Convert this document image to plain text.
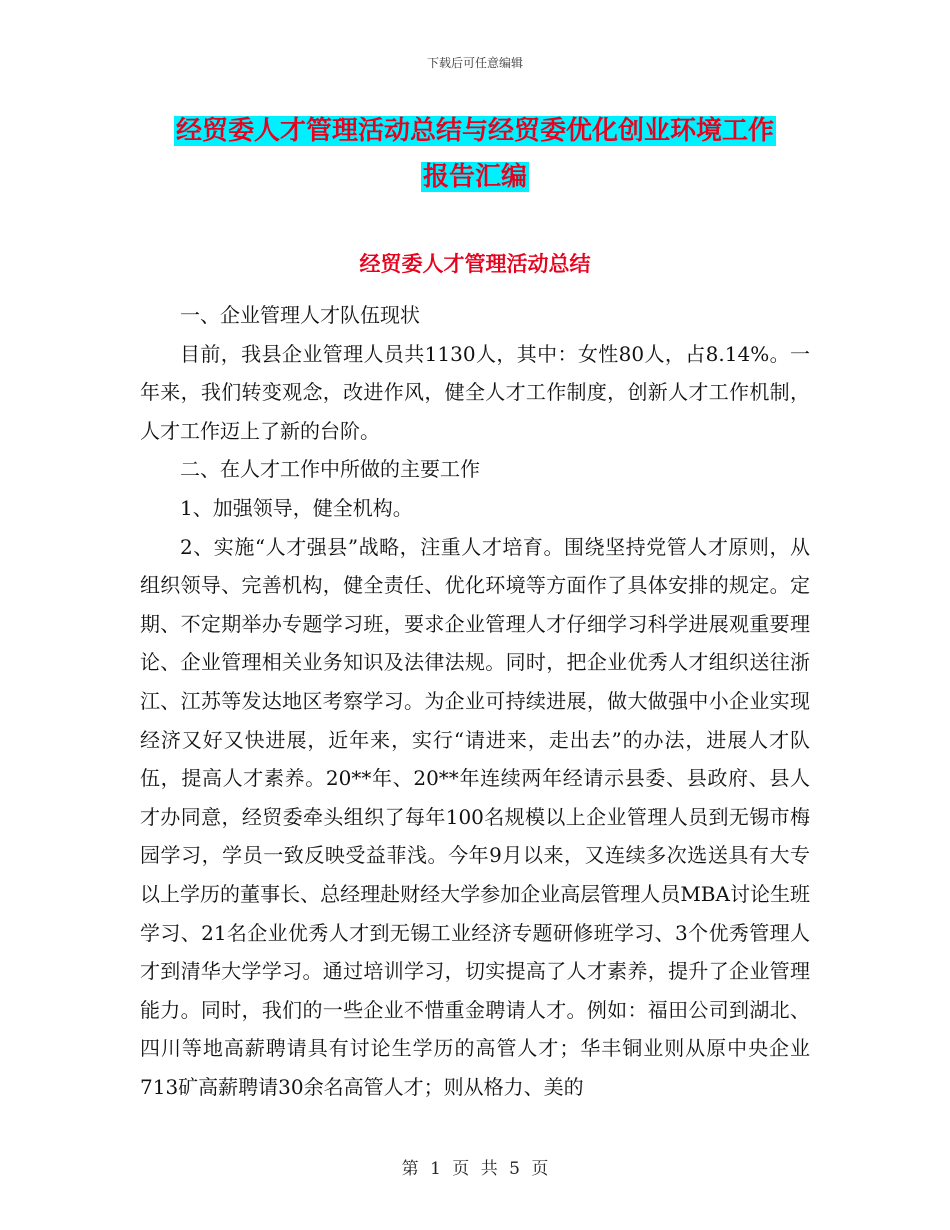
下载后可任意编辑
经贸委人才管理活动总结与经贸委优化创业环境工作
报告汇编
经贸委人才管理活动总结

一、企业管理人才队伍现状

目前，我县企业管理人员共1130人，其中：女性80人，占8.14%。一年来，我们转变观念，改进作风，健全人才工作制度，创新人才工作机制，人才工作迈上了新的台阶。

二、在人才工作中所做的主要工作

1、加强领导，健全机构。

2、实施“人才强县”战略，注重人才培育。围绕坚持党管人才原则，从组织领导、完善机构，健全责任、优化环境等方面作了具体安排的规定。定期、不定期举办专题学习班，要求企业管理人才仔细学习科学进展观重要理论、企业管理相关业务知识及法律法规。同时，把企业优秀人才组织送往浙江、江苏等发达地区考察学习。为企业可持续进展，做大做强中小企业实现经济又好又快进展，近年来，实行“请进来，走出去”的办法，进展人才队伍，提高人才素养。20**年、20**年连续两年经请示县委、县政府、县人才办同意，经贸委牵头组织了每年100名规模以上企业管理人员到无锡市梅园学习，学员一致反映受益菲浅。今年9月以来，又连续多次选送具有大专以上学历的董事长、总经理赴财经大学参加企业高层管理人员MBA讨论生班学习、21名企业优秀人才到无锡工业经济专题研修班学习、3个优秀管理人才到清华大学学习。通过培训学习，切实提高了人才素养，提升了企业管理能力。同时，我们的一些企业不惜重金聘请人才。例如：福田公司到湖北、四川等地高薪聘请具有讨论生学历的高管人才；华丰铜业则从原中央企业713矿高薪聘请30余名高管人才；则从格力、美的

第 1 页 共 5 页
